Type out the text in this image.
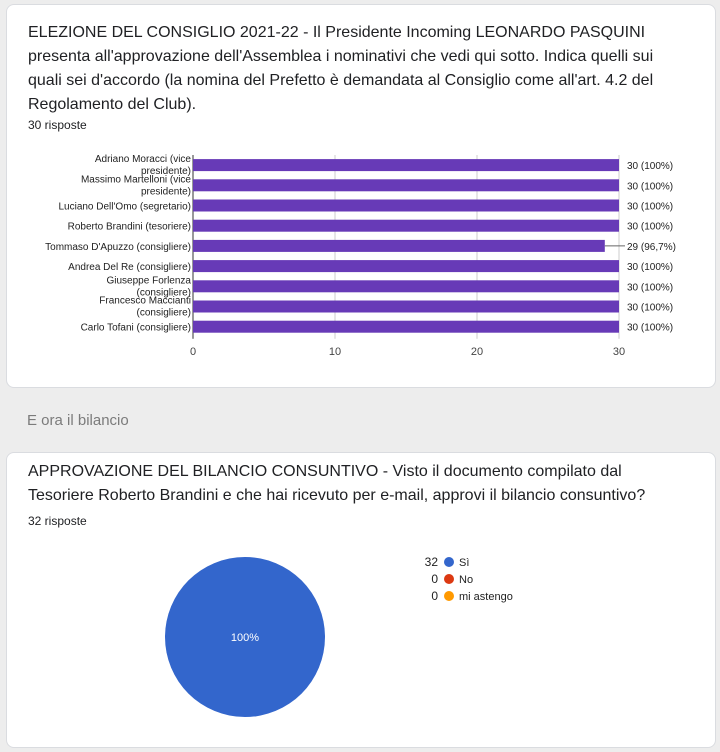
ELEZIONE DEL CONSIGLIO 2021-22 - Il Presidente Incoming LEONARDO PASQUINI presenta all'approvazione dell'Assemblea i nominativi che vedi qui sotto. Indica quelli sui quali sei d'accordo (la nomina del Prefetto è demandata al Consiglio come all'art. 4.2 del Regolamento del Club).
30 risposte
0	10	20	30
Adriano Moracci (vice
presidente)	30 (100%)
Massimo Martelloni (vice
presidente)	30 (100%)
Luciano Dell'Omo (segretario)	30 (100%)
Roberto Brandini (tesoriere)	30 (100%)
Tommaso D'Apuzzo (consigliere)	29 (96,7%)
Andrea Del Re (consigliere)	30 (100%)
Giuseppe Forlenza
(consigliere)	30 (100%)
Francesco Maccianti
(consigliere)	30 (100%)
Carlo Tofani (consigliere)	30 (100%)
E ora il bilancio
APPROVAZIONE DEL BILANCIO CONSUNTIVO - Visto il documento compilato dal Tesoriere Roberto Brandini e che hai ricevuto per e-mail, approvi il bilancio consuntivo?
32 risposte
100%
32 Sì
0 No
0 mi astengo
